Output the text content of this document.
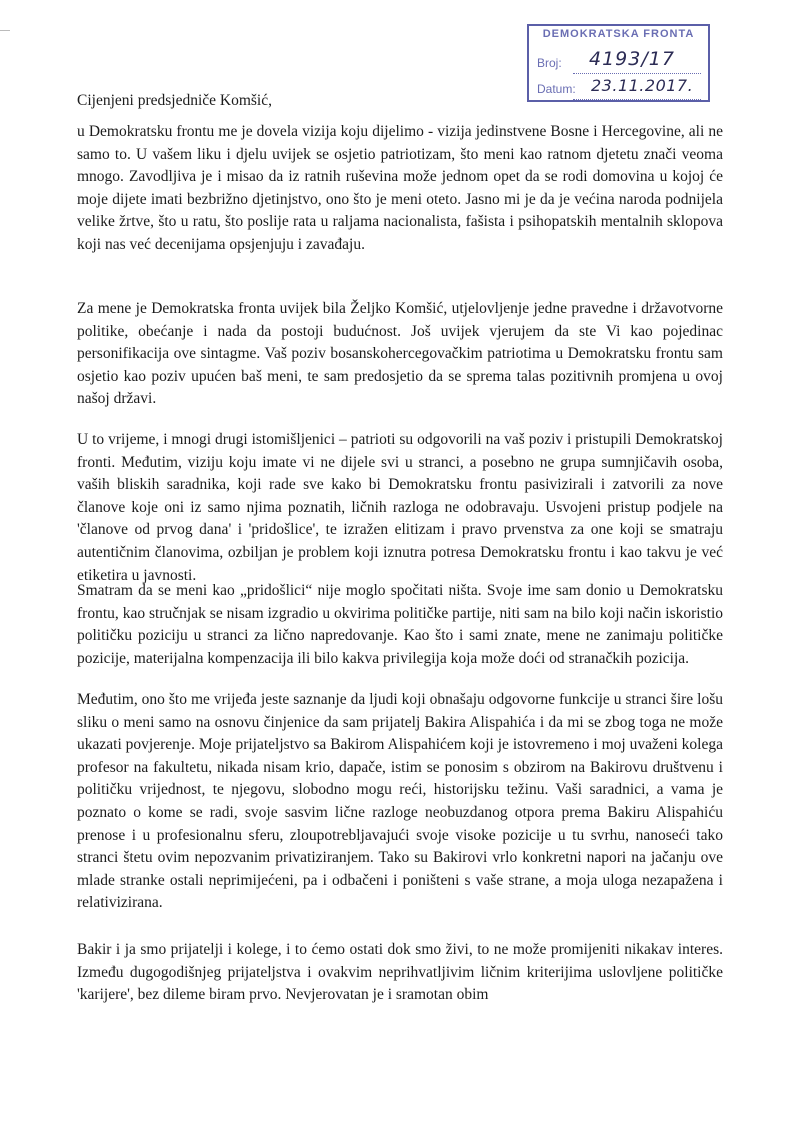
DEMOKRATSKA FRONTA
Broj:
Datum:
4193/17
23.11.2017.
Cijenjeni predsjedniče Komšić,

u Demokratsku frontu me je dovela vizija koju dijelimo - vizija jedinstvene Bosne i Hercegovine, ali ne samo to. U vašem liku i djelu uvijek se osjetio patriotizam, što meni kao ratnom djetetu znači veoma mnogo. Zavodljiva je i misao da iz ratnih ruševina može jednom opet da se rodi domovina u kojoj će moje dijete imati bezbrižno djetinjstvo, ono što je meni oteto. Jasno mi je da je većina naroda podnijela velike žrtve, što u ratu, što poslije rata u raljama nacionalista, fašista i psihopatskih mentalnih sklopova koji nas već decenijama opsjenjuju i zavađaju.

Za mene je Demokratska fronta uvijek bila Željko Komšić, utjelovljenje jedne pravedne i državotvorne politike, obećanje i nada da postoji budućnost. Još uvijek vjerujem da ste Vi kao pojedinac personifikacija ove sintagme. Vaš poziv bosanskohercegovačkim patriotima u Demokratsku frontu sam osjetio kao poziv upućen baš meni, te sam predosjetio da se sprema talas pozitivnih promjena u ovoj našoj državi.

U to vrijeme, i mnogi drugi istomišljenici – patrioti su odgovorili na vaš poziv i pristupili Demokratskoj fronti. Međutim, viziju koju imate vi ne dijele svi u stranci, a posebno ne grupa sumnjičavih osoba, vaših bliskih saradnika, koji rade sve kako bi Demokratsku frontu pasivizirali i zatvorili za nove članove koje oni iz samo njima poznatih, ličnih razloga ne odobravaju. Usvojeni pristup podjele na 'članove od prvog dana' i 'pridošlice', te izražen elitizam i pravo prvenstva za one koji se smatraju autentičnim članovima, ozbiljan je problem koji iznutra potresa Demokratsku frontu i kao takvu je već etiketira u javnosti.

Smatram da se meni kao „pridošlici“ nije moglo spočitati ništa. Svoje ime sam donio u Demokratsku frontu, kao stručnjak se nisam izgradio u okvirima političke partije, niti sam na bilo koji način iskoristio političku poziciju u stranci za lično napredovanje. Kao što i sami znate, mene ne zanimaju političke pozicije, materijalna kompenzacija ili bilo kakva privilegija koja može doći od stranačkih pozicija.

Međutim, ono što me vrijeđa jeste saznanje da ljudi koji obnašaju odgovorne funkcije u stranci šire lošu sliku o meni samo na osnovu činjenice da sam prijatelj Bakira Alispahića i da mi se zbog toga ne može ukazati povjerenje. Moje prijateljstvo sa Bakirom Alispahićem koji je istovremeno i moj uvaženi kolega profesor na fakultetu, nikada nisam krio, dapače, istim se ponosim s obzirom na Bakirovu društvenu i političku vrijednost, te njegovu, slobodno mogu reći, historijsku težinu. Vaši saradnici, a vama je poznato o kome se radi, svoje sasvim lične razloge neobuzdanog otpora prema Bakiru Alispahiću prenose i u profesionalnu sferu, zloupotrebljavajući svoje visoke pozicije u tu svrhu, nanoseći tako stranci štetu ovim nepozvanim privatiziranjem. Tako su Bakirovi vrlo konkretni napori na jačanju ove mlade stranke ostali neprimijećeni, pa i odbačeni i poništeni s vaše strane, a moja uloga nezapažena i relativizirana.

Bakir i ja smo prijatelji i kolege, i to ćemo ostati dok smo živi, to ne može promijeniti nikakav interes. Između dugogodišnjeg prijateljstva i ovakvim neprihvatljivim ličnim kriterijima uslovljene političke 'karijere', bez dileme biram prvo. Nevjerovatan je i sramotan obim
